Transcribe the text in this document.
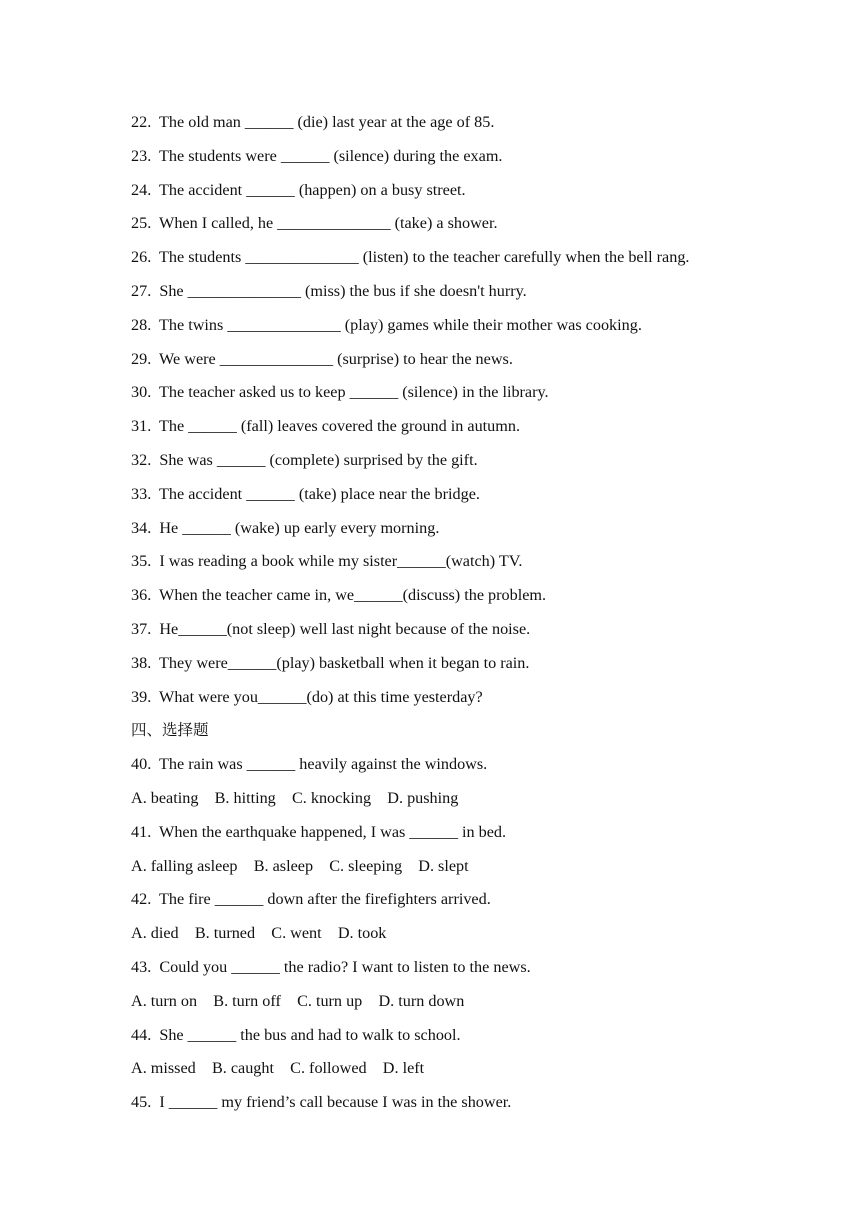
22.  The old man ______ (die) last year at the age of 85.
23.  The students were ______ (silence) during the exam.
24.  The accident ______ (happen) on a busy street.
25.  When I called, he ______________ (take) a shower.
26.  The students ______________ (listen) to the teacher carefully when the bell rang.
27.  She ______________ (miss) the bus if she doesn't hurry.
28.  The twins ______________ (play) games while their mother was cooking.
29.  We were ______________ (surprise) to hear the news.
30.  The teacher asked us to keep ______ (silence) in the library.
31.  The ______ (fall) leaves covered the ground in autumn.
32.  She was ______ (complete) surprised by the gift.
33.  The accident ______ (take) place near the bridge.
34.  He ______ (wake) up early every morning.
35.  I was reading a book while my sister______(watch) TV.
36.  When the teacher came in, we______(discuss) the problem.
37.  He______(not sleep) well last night because of the noise.
38.  They were______(play) basketball when it began to rain.
39.  What were you______(do) at this time yesterday?
四、选择题
40.  The rain was ______ heavily against the windows.
A. beating    B. hitting    C. knocking    D. pushing
41.  When the earthquake happened, I was ______ in bed.
A. falling asleep    B. asleep    C. sleeping    D. slept
42.  The fire ______ down after the firefighters arrived.
A. died    B. turned    C. went    D. took
43.  Could you ______ the radio? I want to listen to the news.
A. turn on    B. turn off    C. turn up    D. turn down
44.  She ______ the bus and had to walk to school.
A. missed    B. caught    C. followed    D. left
45.  I ______ my friend’s call because I was in the shower.
